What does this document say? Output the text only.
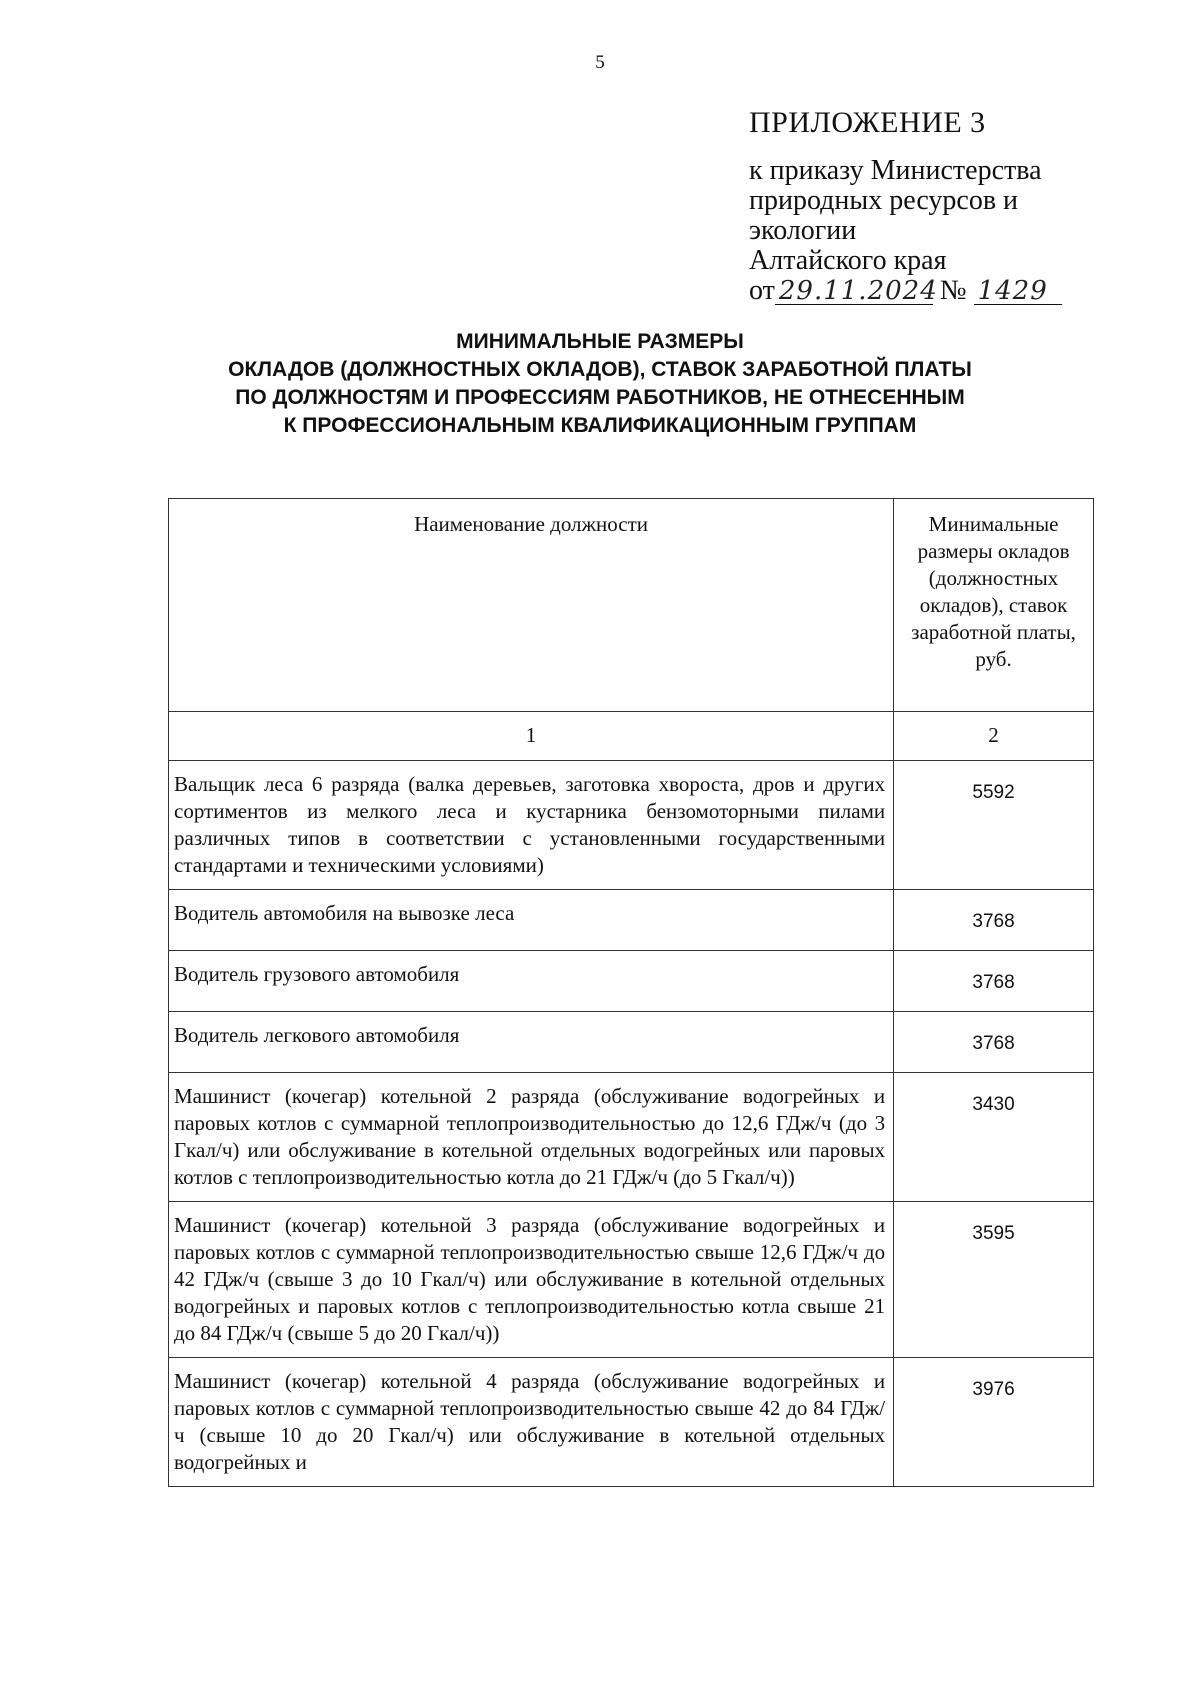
5
ПРИЛОЖЕНИЕ 3
к приказу Министерства
природных ресурсов и
экологии
Алтайского края
от 29.11.2024 № 1429
МИНИМАЛЬНЫЕ РАЗМЕРЫ
ОКЛАДОВ (ДОЛЖНОСТНЫХ ОКЛАДОВ), СТАВОК ЗАРАБОТНОЙ ПЛАТЫ
ПО ДОЛЖНОСТЯМ И ПРОФЕССИЯМ РАБОТНИКОВ, НЕ ОТНЕСЕННЫМ
К ПРОФЕССИОНАЛЬНЫМ КВАЛИФИКАЦИОННЫМ ГРУППАМ
Наименование должности	Минимальные размеры окладов (должностных окладов), ставок заработной платы, руб.
1	2
Вальщик леса 6 разряда (валка деревьев, заготовка хвороста, дров и других сортиментов из мелкого леса и кустарника бензомоторными пилами различных типов в соответствии с установленными государственными стандартами и техническими условиями)	5592
Водитель автомобиля на вывозке леса	3768
Водитель грузового автомобиля	3768
Водитель легкового автомобиля	3768
Машинист (кочегар) котельной 2 разряда (обслуживание водогрейных и паровых котлов с суммарной теплопроизводительностью до 12,6 ГДж/ч (до 3 Гкал/ч) или обслуживание в котельной отдельных водогрейных или паровых котлов с теплопроизводительностью котла до 21 ГДж/ч (до 5 Гкал/ч))	3430
Машинист (кочегар) котельной 3 разряда (обслуживание водогрейных и паровых котлов с суммарной теплопроизводительностью свыше 12,6 ГДж/ч до 42 ГДж/ч (свыше 3 до 10 Гкал/ч) или обслуживание в котельной отдельных водогрейных и паровых котлов с теплопроизводительностью котла свыше 21 до 84 ГДж/ч (свыше 5 до 20 Гкал/ч))	3595
Машинист (кочегар) котельной 4 разряда (обслуживание водогрейных и паровых котлов с суммарной теплопроизводительностью свыше 42 до 84 ГДж/ч (свыше 10 до 20 Гкал/ч) или обслуживание в котельной отдельных водогрейных и	3976
